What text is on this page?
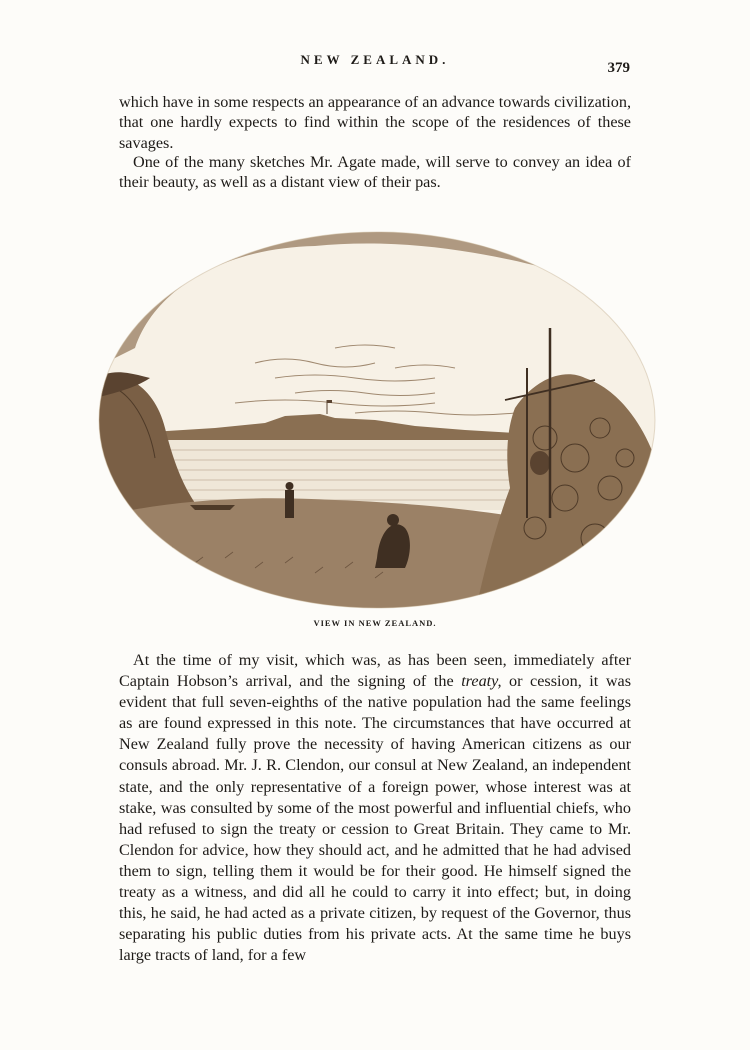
NEW ZEALAND.
379

which have in some respects an appearance of an advance towards civilization, that one hardly expects to find within the scope of the residences of these savages.

One of the many sketches Mr. Agate made, will serve to convey an idea of their beauty, as well as a distant view of their pas.

VIEW IN NEW ZEALAND.

At the time of my visit, which was, as has been seen, immediately after Captain Hobson’s arrival, and the signing of the treaty, or cession, it was evident that full seven-eighths of the native population had the same feelings as are found expressed in this note. The circumstances that have occurred at New Zealand fully prove the necessity of having American citizens as our consuls abroad. Mr. J. R. Clendon, our consul at New Zealand, an independent state, and the only representative of a foreign power, whose interest was at stake, was consulted by some of the most powerful and influential chiefs, who had refused to sign the treaty or cession to Great Britain. They came to Mr. Clendon for advice, how they should act, and he admitted that he had advised them to sign, telling them it would be for their good. He himself signed the treaty as a witness, and did all he could to carry it into effect; but, in doing this, he said, he had acted as a private citizen, by request of the Governor, thus separating his public duties from his private acts. At the same time he buys large tracts of land, for a few
